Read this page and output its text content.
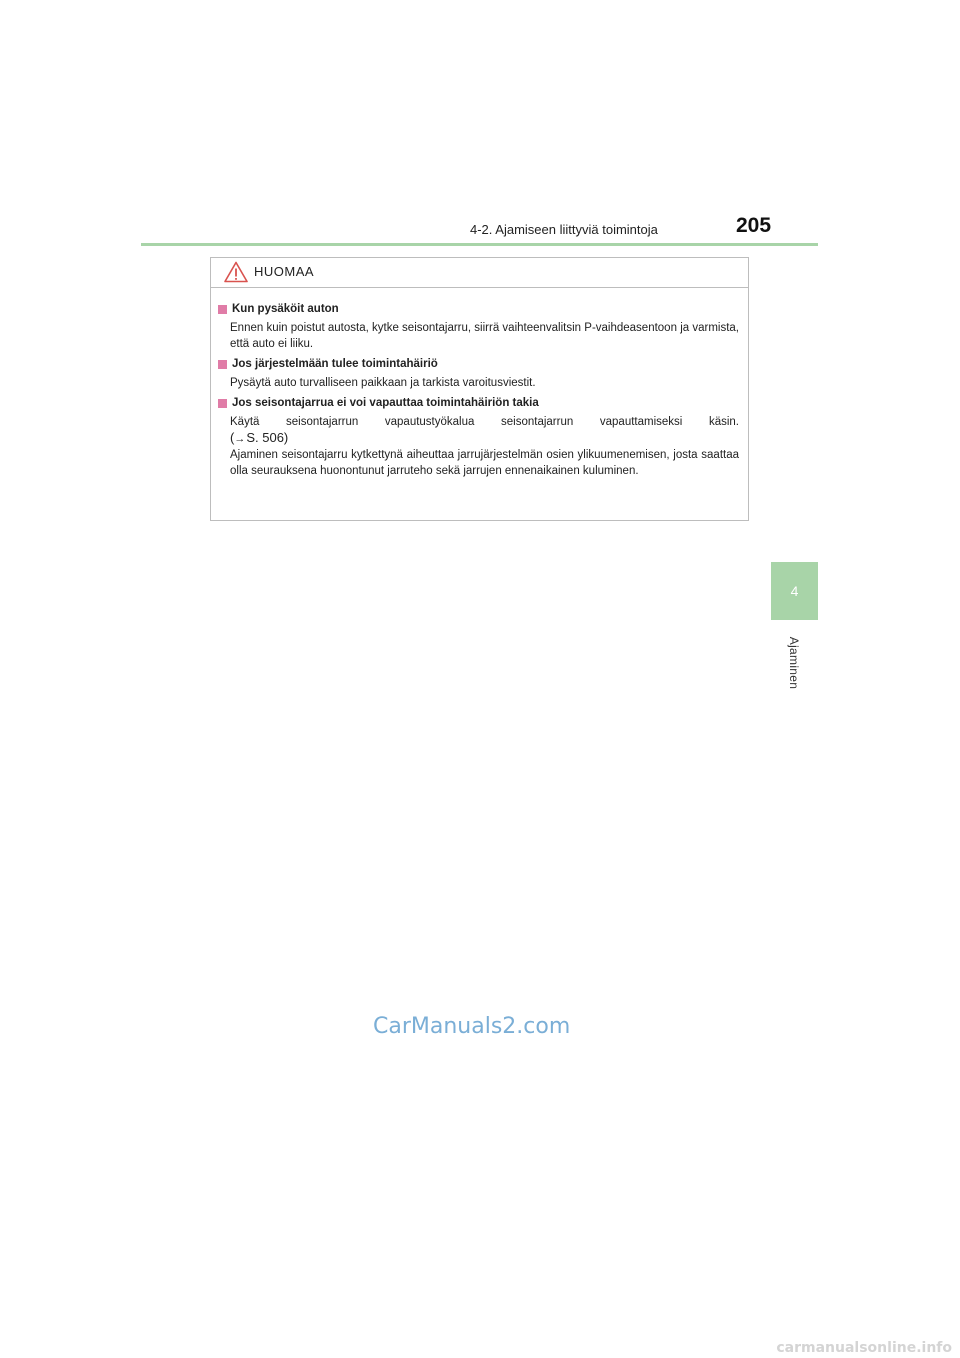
4-2. Ajamiseen liittyviä toimintoja	205
4
Ajaminen
HUOMAA
Kun pysäköit auton
Ennen kuin poistut autosta, kytke seisontajarru, siirrä vaihteenvalitsin P-vaihdeasentoon ja varmista, että auto ei liiku.
Jos järjestelmään tulee toimintahäiriö
Pysäytä auto turvalliseen paikkaan ja tarkista varoitusviestit.
Jos seisontajarrua ei voi vapauttaa toimintahäiriön takia
Käytä seisontajarrun vapautustyökalua seisontajarrun vapauttamiseksi käsin.
(→S. 506)
Ajaminen seisontajarru kytkettynä aiheuttaa jarrujärjestelmän osien ylikuumenemisen, josta saattaa olla seurauksena huonontunut jarruteho sekä jarrujen ennenaikainen kuluminen.
CarManuals2.com
carmanualsonline.info
